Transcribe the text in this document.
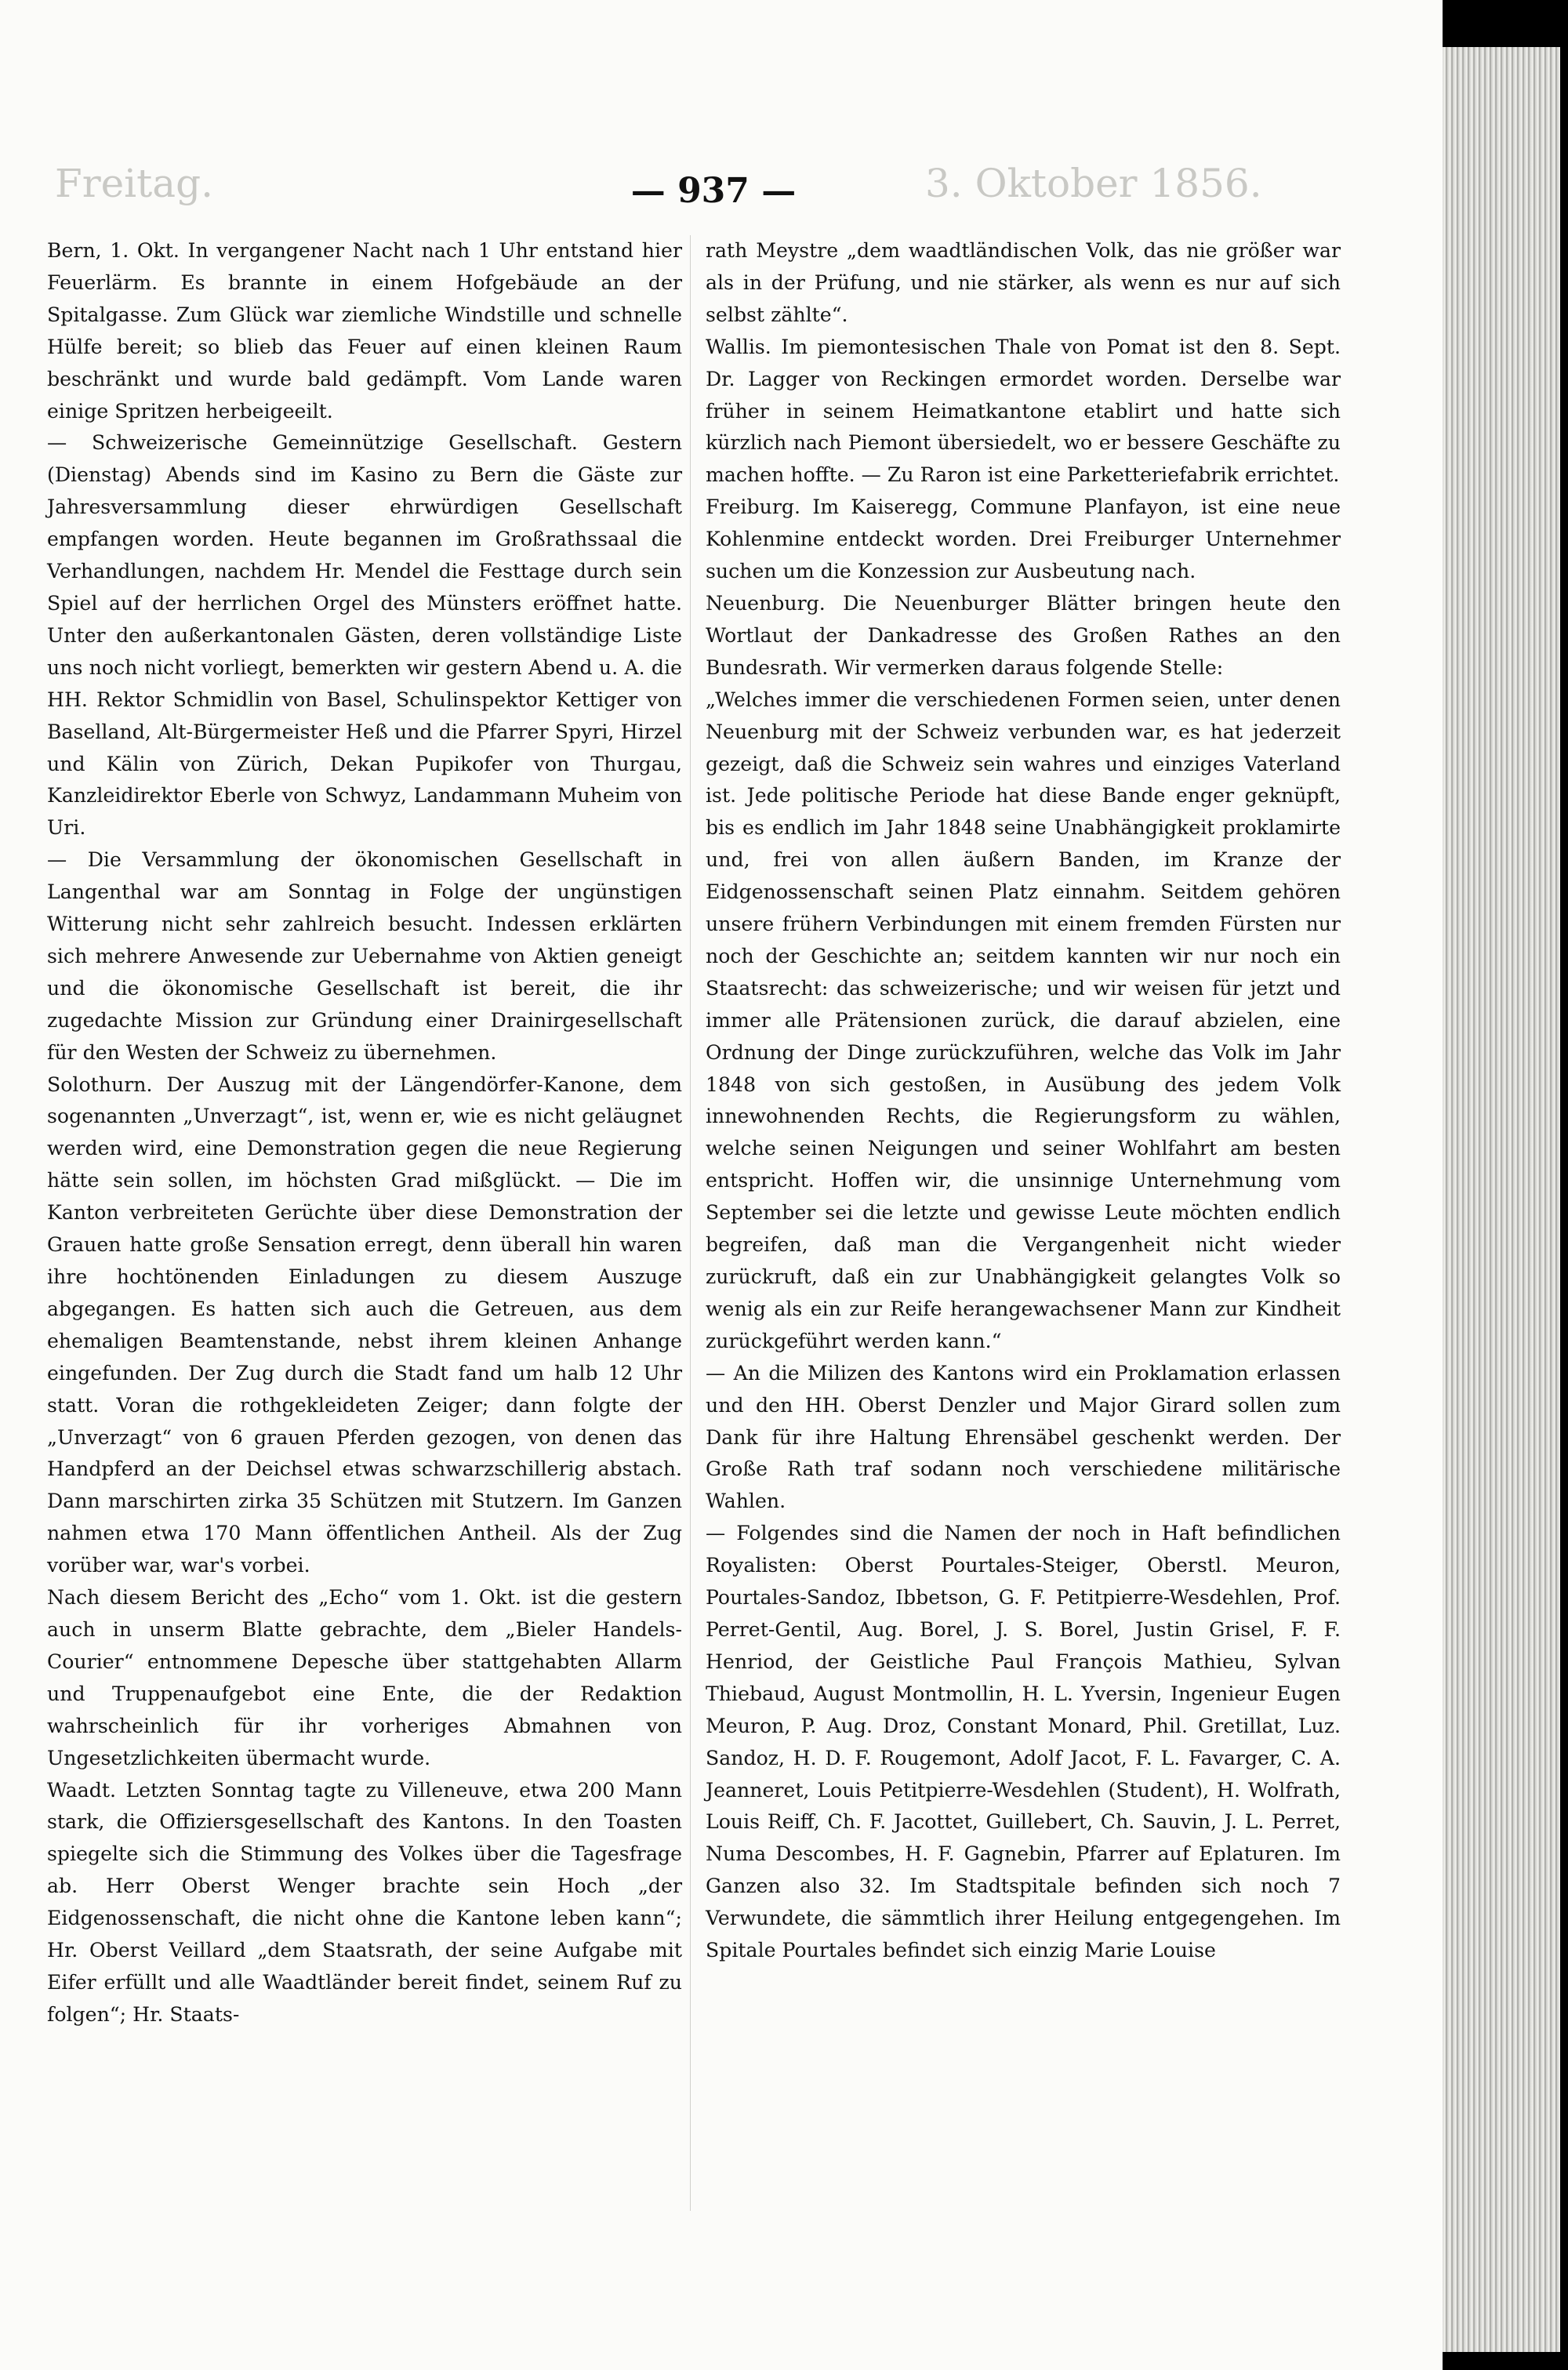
Freitag.	3. Oktober 1856.
— 937 —

Bern, 1. Okt. In vergangener Nacht nach 1 Uhr entstand hier Feuerlärm. Es brannte in einem Hofgebäude an der Spitalgasse. Zum Glück war ziemliche Windstille und schnelle Hülfe bereit; so blieb das Feuer auf einen kleinen Raum beschränkt und wurde bald gedämpft. Vom Lande waren einige Spritzen herbeigeeilt.

— Schweizerische Gemeinnützige Gesellschaft. Gestern (Dienstag) Abends sind im Kasino zu Bern die Gäste zur Jahresversammlung dieser ehrwürdigen Gesellschaft empfangen worden. Heute begannen im Großrathssaal die Verhandlungen, nachdem Hr. Mendel die Festtage durch sein Spiel auf der herrlichen Orgel des Münsters eröffnet hatte. Unter den außerkantonalen Gästen, deren vollständige Liste uns noch nicht vorliegt, bemerkten wir gestern Abend u. A. die HH. Rektor Schmidlin von Basel, Schulinspektor Kettiger von Baselland, Alt-Bürgermeister Heß und die Pfarrer Spyri, Hirzel und Kälin von Zürich, Dekan Pupikofer von Thurgau, Kanzleidirektor Eberle von Schwyz, Landammann Muheim von Uri.

— Die Versammlung der ökonomischen Gesellschaft in Langenthal war am Sonntag in Folge der ungünstigen Witterung nicht sehr zahlreich besucht. Indessen erklärten sich mehrere Anwesende zur Uebernahme von Aktien geneigt und die ökonomische Gesellschaft ist bereit, die ihr zugedachte Mission zur Gründung einer Drainirgesellschaft für den Westen der Schweiz zu übernehmen.

Solothurn. Der Auszug mit der Längendörfer-Kanone, dem sogenannten „Unverzagt“, ist, wenn er, wie es nicht geläugnet werden wird, eine Demonstration gegen die neue Regierung hätte sein sollen, im höchsten Grad mißglückt. — Die im Kanton verbreiteten Gerüchte über diese Demonstration der Grauen hatte große Sensation erregt, denn überall hin waren ihre hochtönenden Einladungen zu diesem Auszuge abgegangen. Es hatten sich auch die Getreuen, aus dem ehemaligen Beamtenstande, nebst ihrem kleinen Anhange eingefunden. Der Zug durch die Stadt fand um halb 12 Uhr statt. Voran die rothgekleideten Zeiger; dann folgte der „Unverzagt“ von 6 grauen Pferden gezogen, von denen das Handpferd an der Deichsel etwas schwarzschillerig abstach. Dann marschirten zirka 35 Schützen mit Stutzern. Im Ganzen nahmen etwa 170 Mann öffentlichen Antheil. Als der Zug vorüber war, war's vorbei.

Nach diesem Bericht des „Echo“ vom 1. Okt. ist die gestern auch in unserm Blatte gebrachte, dem „Bieler Handels-Courier“ entnommene Depesche über stattgehabten Allarm und Truppenaufgebot eine Ente, die der Redaktion wahrscheinlich für ihr vorheriges Abmahnen von Ungesetzlichkeiten übermacht wurde.

Waadt. Letzten Sonntag tagte zu Villeneuve, etwa 200 Mann stark, die Offiziersgesellschaft des Kantons. In den Toasten spiegelte sich die Stimmung des Volkes über die Tagesfrage ab. Herr Oberst Wenger brachte sein Hoch „der Eidgenossenschaft, die nicht ohne die Kantone leben kann“; Hr. Oberst Veillard „dem Staatsrath, der seine Aufgabe mit Eifer erfüllt und alle Waadtländer bereit findet, seinem Ruf zu folgen“; Hr. Staats-

rath Meystre „dem waadtländischen Volk, das nie größer war als in der Prüfung, und nie stärker, als wenn es nur auf sich selbst zählte“.

Wallis. Im piemontesischen Thale von Pomat ist den 8. Sept. Dr. Lagger von Reckingen ermordet worden. Derselbe war früher in seinem Heimatkantone etablirt und hatte sich kürzlich nach Piemont übersiedelt, wo er bessere Geschäfte zu machen hoffte. — Zu Raron ist eine Parketteriefabrik errichtet.

Freiburg. Im Kaiseregg, Commune Planfayon, ist eine neue Kohlenmine entdeckt worden. Drei Freiburger Unternehmer suchen um die Konzession zur Ausbeutung nach.

Neuenburg. Die Neuenburger Blätter bringen heute den Wortlaut der Dankadresse des Großen Rathes an den Bundesrath. Wir vermerken daraus folgende Stelle:

„Welches immer die verschiedenen Formen seien, unter denen Neuenburg mit der Schweiz verbunden war, es hat jederzeit gezeigt, daß die Schweiz sein wahres und einziges Vaterland ist. Jede politische Periode hat diese Bande enger geknüpft, bis es endlich im Jahr 1848 seine Unabhängigkeit proklamirte und, frei von allen äußern Banden, im Kranze der Eidgenossenschaft seinen Platz einnahm. Seitdem gehören unsere frühern Verbindungen mit einem fremden Fürsten nur noch der Geschichte an; seitdem kannten wir nur noch ein Staatsrecht: das schweizerische; und wir weisen für jetzt und immer alle Prätensionen zurück, die darauf abzielen, eine Ordnung der Dinge zurückzuführen, welche das Volk im Jahr 1848 von sich gestoßen, in Ausübung des jedem Volk innewohnenden Rechts, die Regierungsform zu wählen, welche seinen Neigungen und seiner Wohlfahrt am besten entspricht. Hoffen wir, die unsinnige Unternehmung vom September sei die letzte und gewisse Leute möchten endlich begreifen, daß man die Vergangenheit nicht wieder zurückruft, daß ein zur Unabhängigkeit gelangtes Volk so wenig als ein zur Reife herangewachsener Mann zur Kindheit zurückgeführt werden kann.“

— An die Milizen des Kantons wird ein Proklamation erlassen und den HH. Oberst Denzler und Major Girard sollen zum Dank für ihre Haltung Ehrensäbel geschenkt werden. Der Große Rath traf sodann noch verschiedene militärische Wahlen.

— Folgendes sind die Namen der noch in Haft befindlichen Royalisten: Oberst Pourtales-Steiger, Oberstl. Meuron, Pourtales-Sandoz, Ibbetson, G. F. Petitpierre-Wesdehlen, Prof. Perret-Gentil, Aug. Borel, J. S. Borel, Justin Grisel, F. F. Henriod, der Geistliche Paul François Mathieu, Sylvan Thiebaud, August Montmollin, H. L. Yversin, Ingenieur Eugen Meuron, P. Aug. Droz, Constant Monard, Phil. Gretillat, Luz. Sandoz, H. D. F. Rougemont, Adolf Jacot, F. L. Favarger, C. A. Jeanneret, Louis Petitpierre-Wesdehlen (Student), H. Wolfrath, Louis Reiff, Ch. F. Jacottet, Guillebert, Ch. Sauvin, J. L. Perret, Numa Descombes, H. F. Gagnebin, Pfarrer auf Eplaturen. Im Ganzen also 32. Im Stadtspitale befinden sich noch 7 Verwundete, die sämmtlich ihrer Heilung entgegengehen. Im Spitale Pourtales befindet sich einzig Marie Louise
